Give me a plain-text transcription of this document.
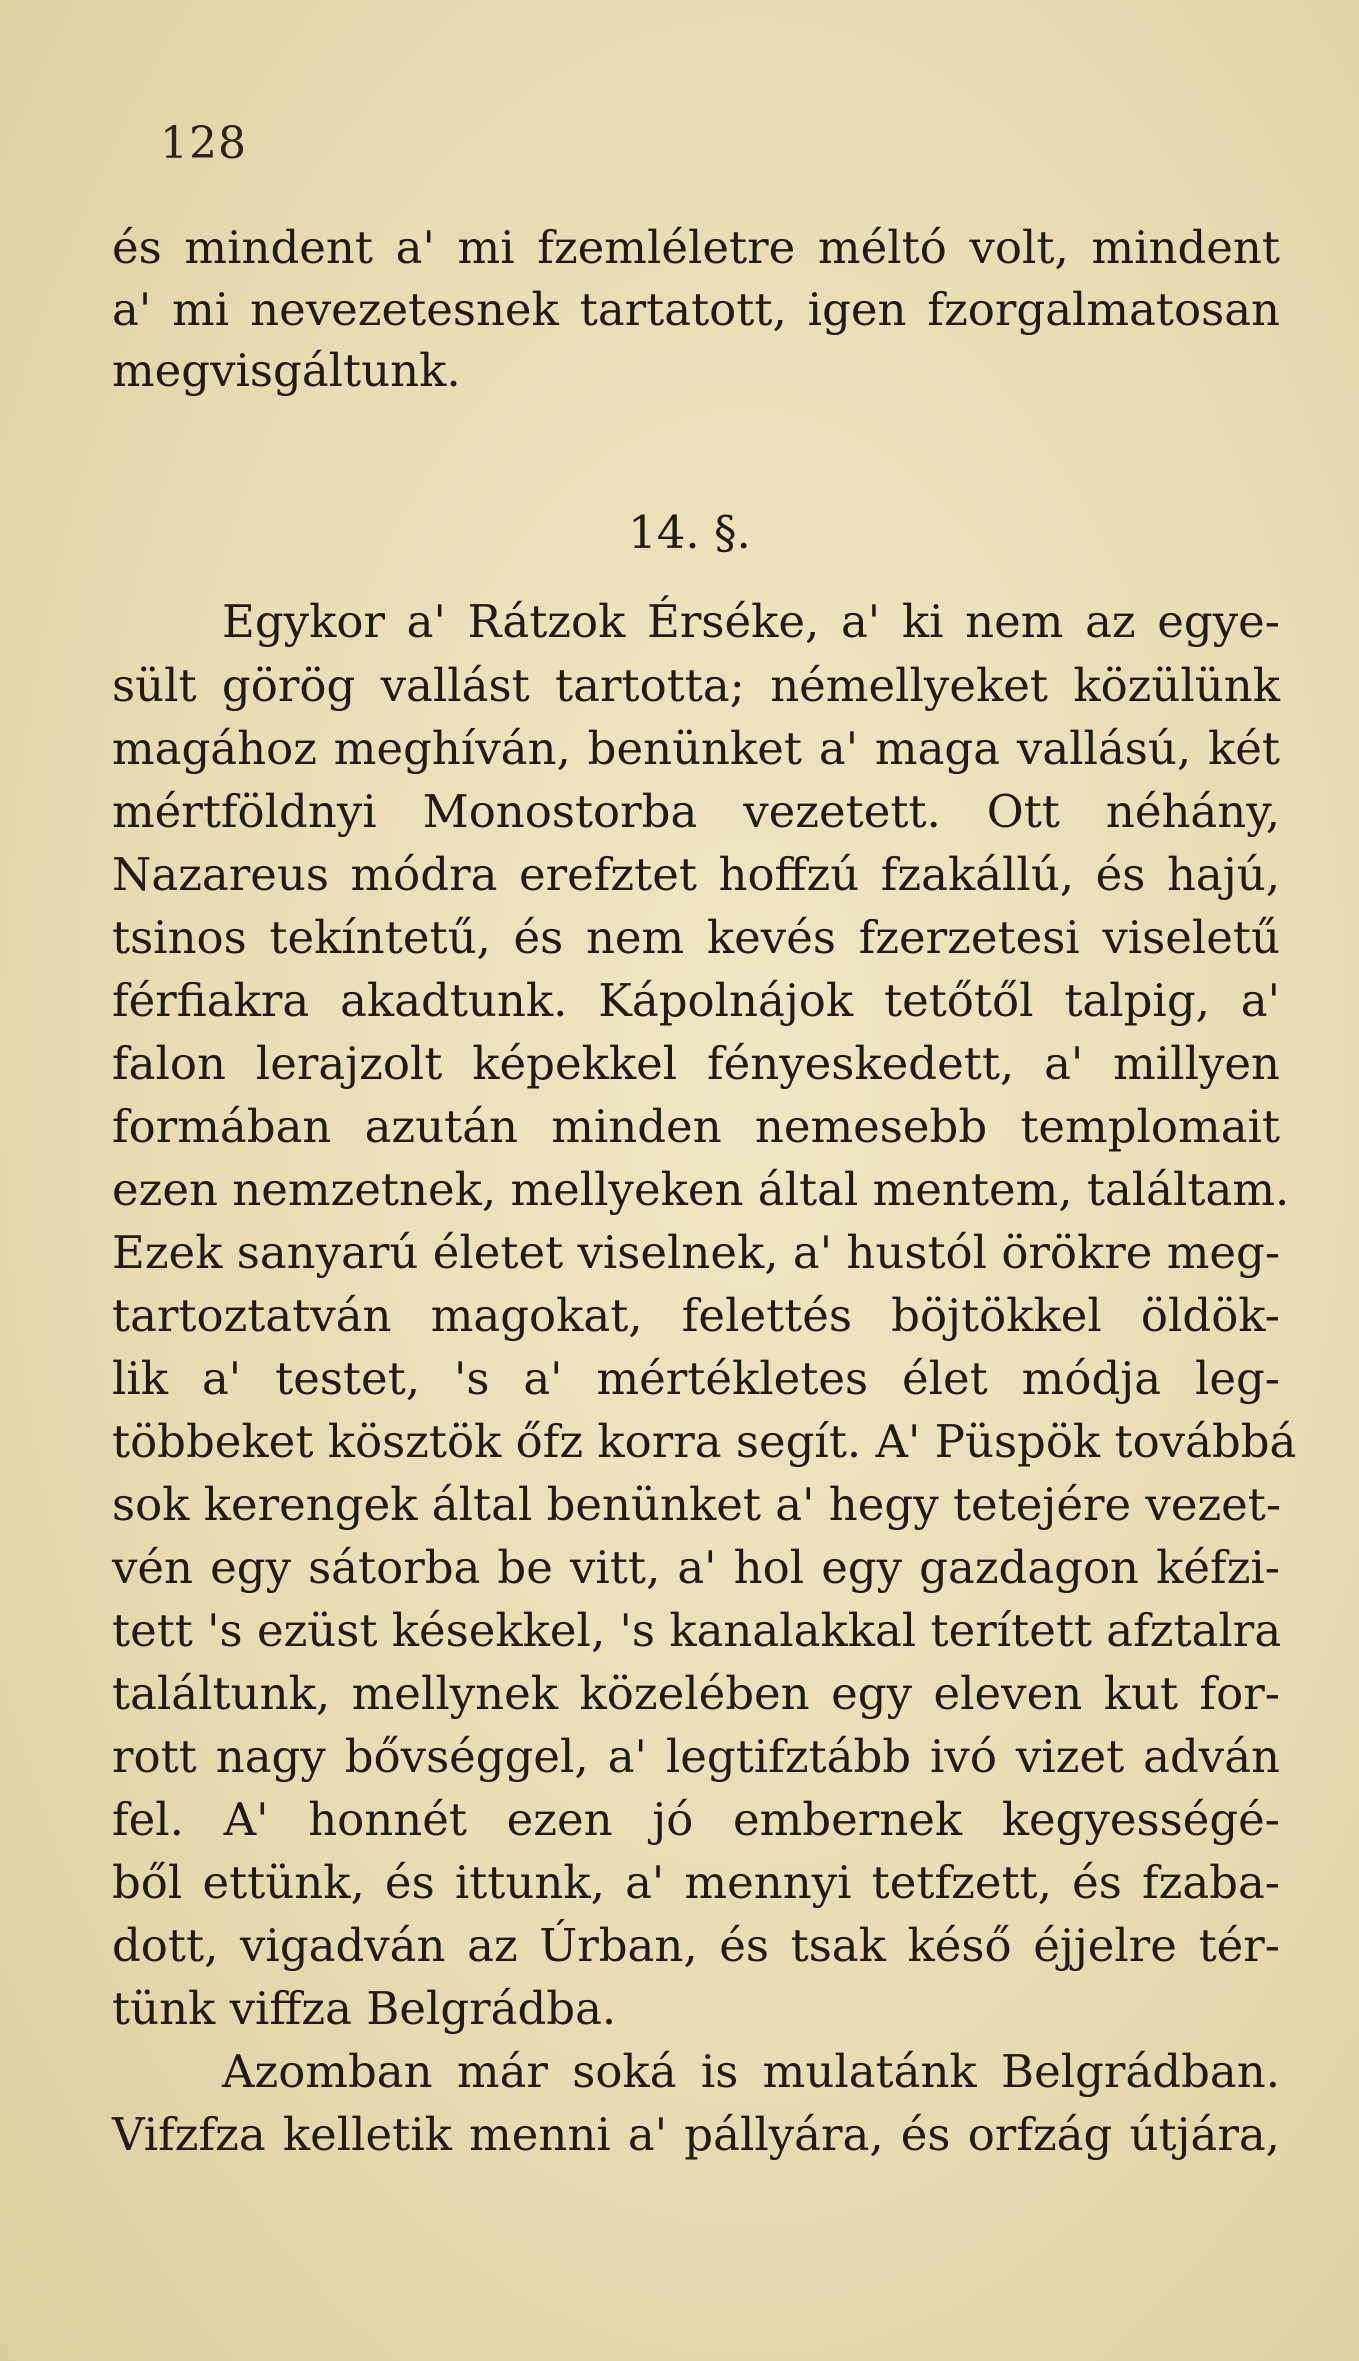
128
és mindent a' mi fzemléletre méltó volt, mindent
a' mi nevezetesnek tartatott, igen fzorgalmatosan
megvisgáltunk.
14. §.
Egykor a' Rátzok Érséke, a' ki nem az egye-
sült görög vallást tartotta; némellyeket közülünk
magához meghíván, benünket a' maga vallású, két
mértföldnyi Monostorba vezetett. Ott néhány,
Nazareus módra erefztet hoffzú fzakállú, és hajú,
tsinos tekíntetű, és nem kevés fzerzetesi viseletű
férfiakra akadtunk. Kápolnájok tetőtől talpig, a'
falon lerajzolt képekkel fényeskedett, a' millyen
formában azután minden nemesebb templomait
ezen nemzetnek, mellyeken által mentem, találtam.
Ezek sanyarú életet viselnek, a' hustól örökre meg-
tartoztatván magokat, felettés böjtökkel öldök-
lik a' testet, 's a' mértékletes élet módja leg-
többeket kösztök őfz korra segít. A' Püspök továbbá
sok kerengek által benünket a' hegy tetejére vezet-
vén egy sátorba be vitt, a' hol egy gazdagon kéfzi-
tett 's ezüst késekkel, 's kanalakkal terített afztalra
találtunk, mellynek közelében egy eleven kut for-
rott nagy bővséggel, a' legtifztább ivó vizet adván
fel. A' honnét ezen jó embernek kegyességé-
ből ettünk, és ittunk, a' mennyi tetfzett, és fzaba-
dott, vigadván az Úrban, és tsak késő éjjelre tér-
tünk viffza Belgrádba.
Azomban már soká is mulatánk Belgrádban.
Vifzfza kelletik menni a' pállyára, és orfzág útjára,
